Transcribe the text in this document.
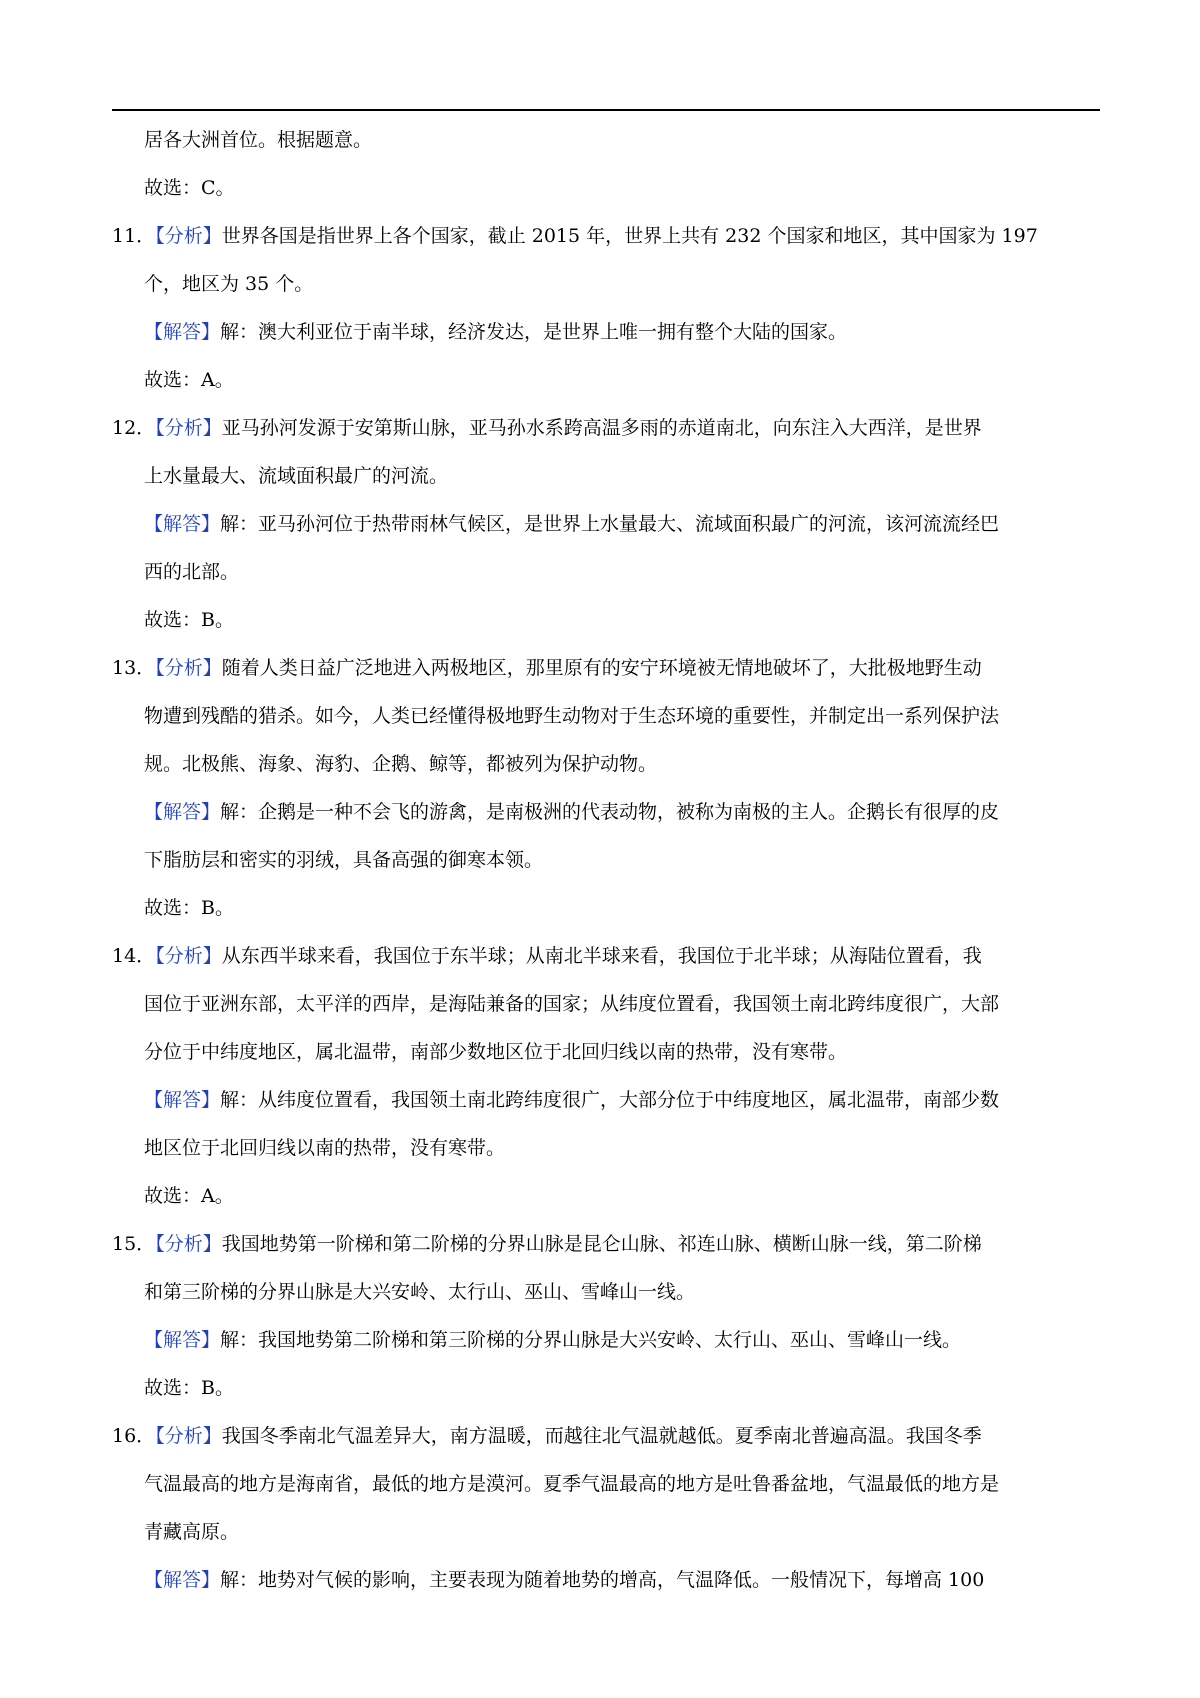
居各大洲首位。根据题意。
故选：C。
11．【分析】世界各国是指世界上各个国家，截止 2015 年，世界上共有 232 个国家和地区，其中国家为 197
个，地区为 35 个。
【解答】解：澳大利亚位于南半球，经济发达，是世界上唯一拥有整个大陆的国家。
故选：A。
12．【分析】亚马孙河发源于安第斯山脉，亚马孙水系跨高温多雨的赤道南北，向东注入大西洋，是世界
上水量最大、流域面积最广的河流。
【解答】解：亚马孙河位于热带雨林气候区，是世界上水量最大、流域面积最广的河流，该河流流经巴
西的北部。
故选：B。
13．【分析】随着人类日益广泛地进入两极地区，那里原有的安宁环境被无情地破坏了，大批极地野生动
物遭到残酷的猎杀。如今，人类已经懂得极地野生动物对于生态环境的重要性，并制定出一系列保护法
规。北极熊、海象、海豹、企鹅、鲸等，都被列为保护动物。
【解答】解：企鹅是一种不会飞的游禽，是南极洲的代表动物，被称为南极的主人。企鹅长有很厚的皮
下脂肪层和密实的羽绒，具备高强的御寒本领。
故选：B。
14．【分析】从东西半球来看，我国位于东半球；从南北半球来看，我国位于北半球；从海陆位置看，我
国位于亚洲东部，太平洋的西岸，是海陆兼备的国家；从纬度位置看，我国领土南北跨纬度很广，大部
分位于中纬度地区，属北温带，南部少数地区位于北回归线以南的热带，没有寒带。
【解答】解：从纬度位置看，我国领土南北跨纬度很广，大部分位于中纬度地区，属北温带，南部少数
地区位于北回归线以南的热带，没有寒带。
故选：A。
15．【分析】我国地势第一阶梯和第二阶梯的分界山脉是昆仑山脉、祁连山脉、横断山脉一线，第二阶梯
和第三阶梯的分界山脉是大兴安岭、太行山、巫山、雪峰山一线。
【解答】解：我国地势第二阶梯和第三阶梯的分界山脉是大兴安岭、太行山、巫山、雪峰山一线。
故选：B。
16．【分析】我国冬季南北气温差异大，南方温暖，而越往北气温就越低。夏季南北普遍高温。我国冬季
气温最高的地方是海南省，最低的地方是漠河。夏季气温最高的地方是吐鲁番盆地，气温最低的地方是
青藏高原。
【解答】解：地势对气候的影响，主要表现为随着地势的增高，气温降低。一般情况下，每增高 100
